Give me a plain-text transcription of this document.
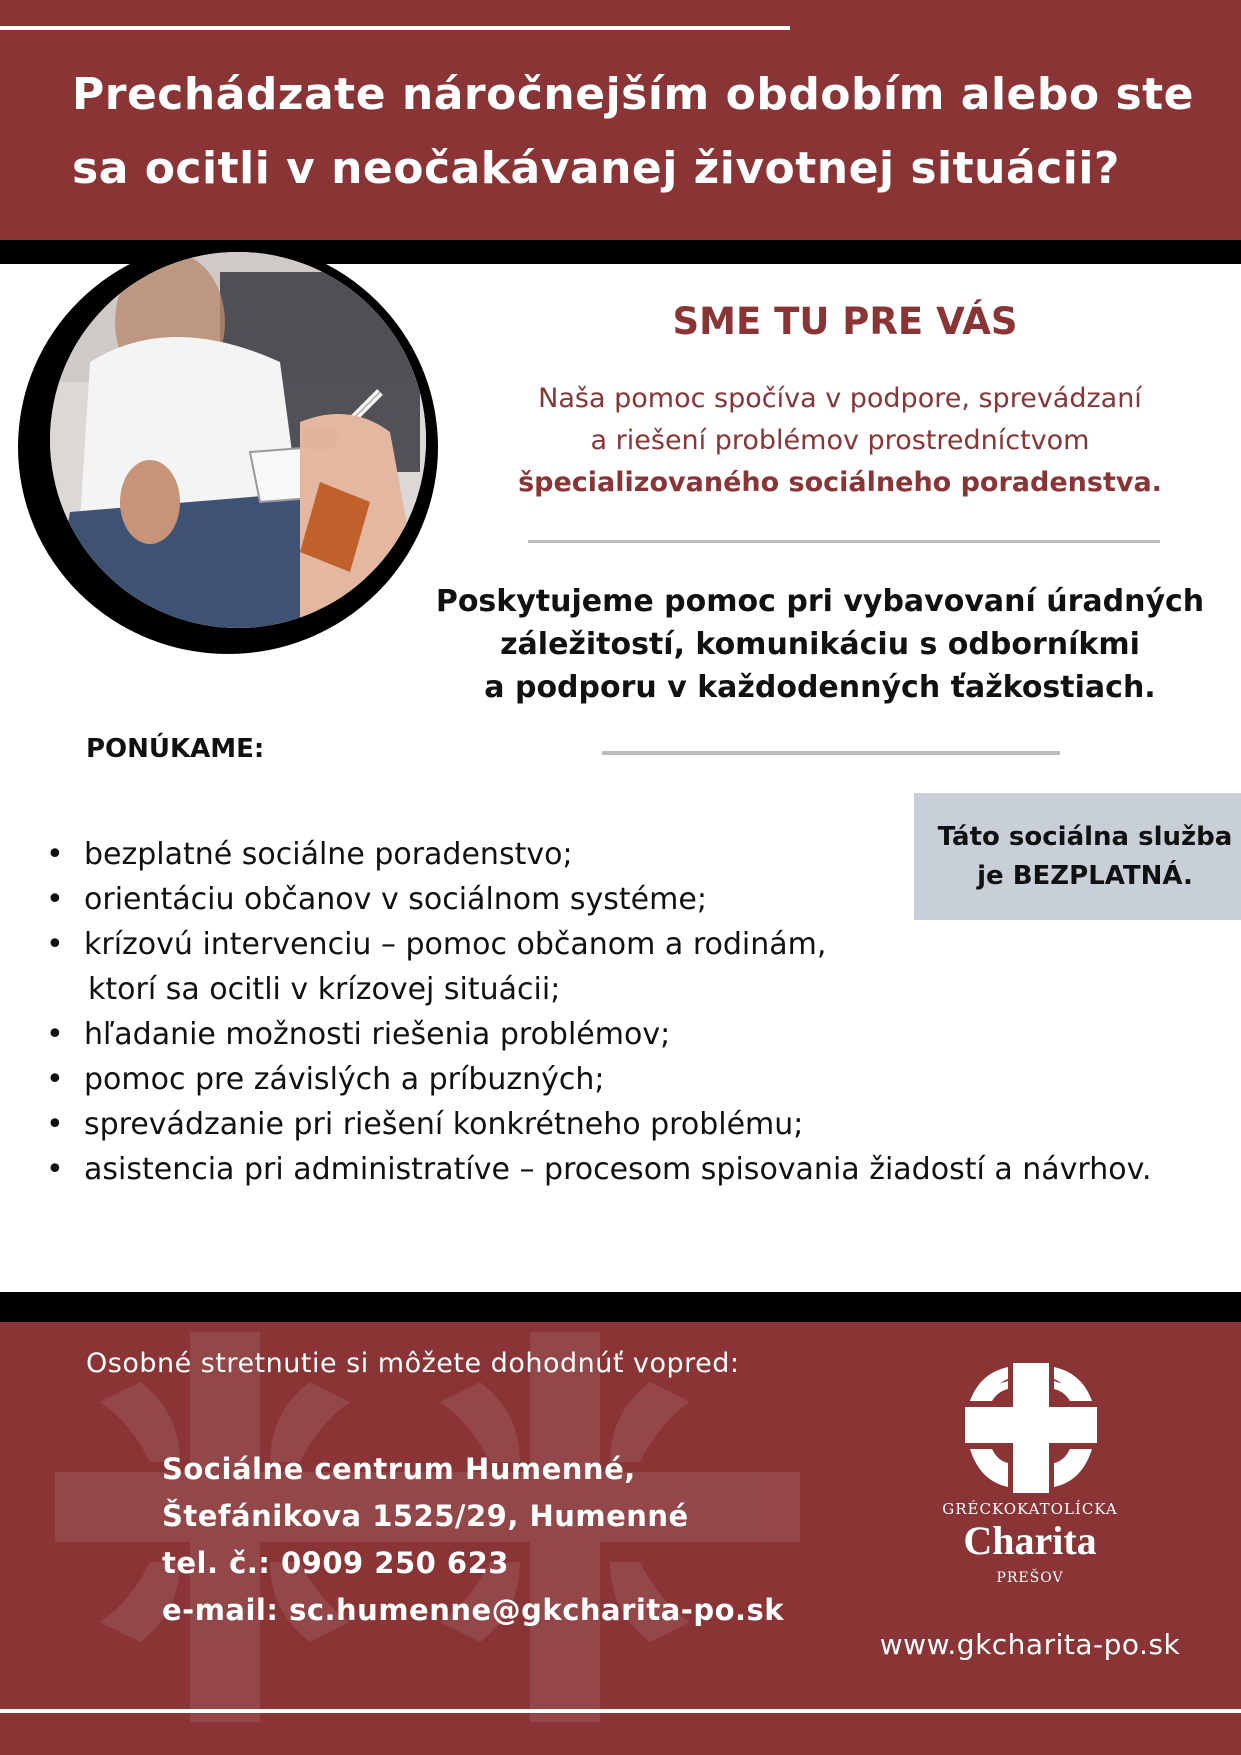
Prechádzate náročnejším obdobím alebo ste
sa ocitli v neočakávanej životnej situácii?
SME TU PRE VÁS
Naša pomoc spočíva v podpore, sprevádzaní
a riešení problémov prostredníctvom
špecializovaného sociálneho poradenstva.
Poskytujeme pomoc pri vybavovaní úradných
záležitostí, komunikáciu s odborníkmi
a podporu v každodenných ťažkostiach.
PONÚKAME:
Táto sociálna služba
je BEZPLATNÁ.
• bezplatné sociálne poradenstvo;
• orientáciu občanov v sociálnom systéme;
• krízovú intervenciu – pomoc občanom a rodinám,
ktorí sa ocitli v krízovej situácii;
• hľadanie možnosti riešenia problémov;
• pomoc pre závislých a príbuzných;
• sprevádzanie pri riešení konkrétneho problému;
• asistencia pri administratíve – procesom spisovania žiadostí a návrhov.
Osobné stretnutie si môžete dohodnúť vopred:
Sociálne centrum Humenné,
Štefánikova 1525/29, Humenné
tel. č.: 0909 250 623
e-mail: sc.humenne@gkcharita-po.sk
GRÉCKOKATOLÍCKA
Charita
PREŠOV
www.gkcharita-po.sk
